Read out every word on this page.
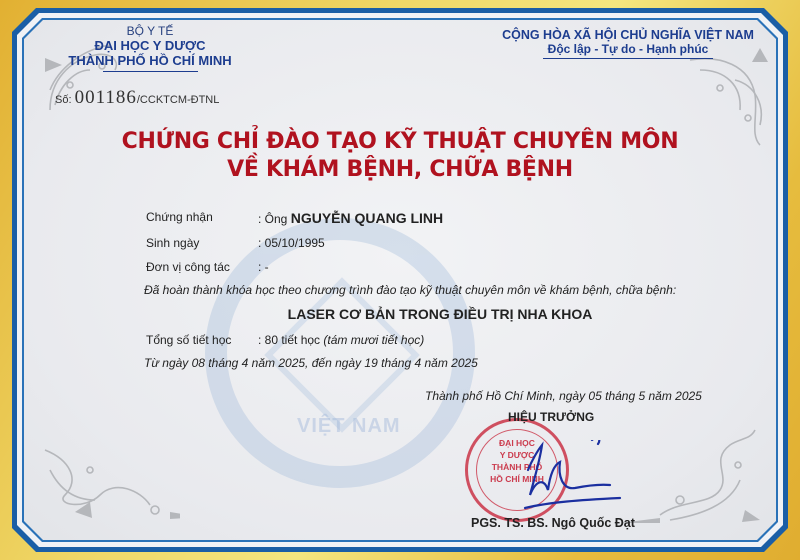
VIỆT NAM
BỘ Y TẾ
ĐẠI HỌC Y DƯỢC
THÀNH PHỐ HỒ CHÍ MINH
Số: 001186/CCKTCM-ĐTNL
CỘNG HÒA XÃ HỘI CHỦ NGHĨA VIỆT NAM
Độc lập - Tự do - Hạnh phúc
CHỨNG CHỈ ĐÀO TẠO KỸ THUẬT CHUYÊN MÔN
VỀ KHÁM BỆNH, CHỮA BỆNH
Chứng nhận	: Ông NGUYỄN QUANG LINH
Sinh ngày	: 05/10/1995
Đơn vị công tác : -
Đã hoàn thành khóa học theo chương trình đào tạo kỹ thuật chuyên môn về khám bệnh, chữa bệnh:
LASER CƠ BẢN TRONG ĐIỀU TRỊ NHA KHOA
Tổng số tiết học : 80 tiết học (tám mươi tiết học)
Từ ngày 08 tháng 4 năm 2025, đến ngày 19 tháng 4 năm 2025
Thành phố Hồ Chí Minh, ngày 05 tháng 5 năm 2025
ĐẠI HỌC
Y DƯỢC
THÀNH PHỐ
HỒ CHÍ MINH
HIỆU TRƯỞNG
PGS. TS. BS. Ngô Quốc Đạt
